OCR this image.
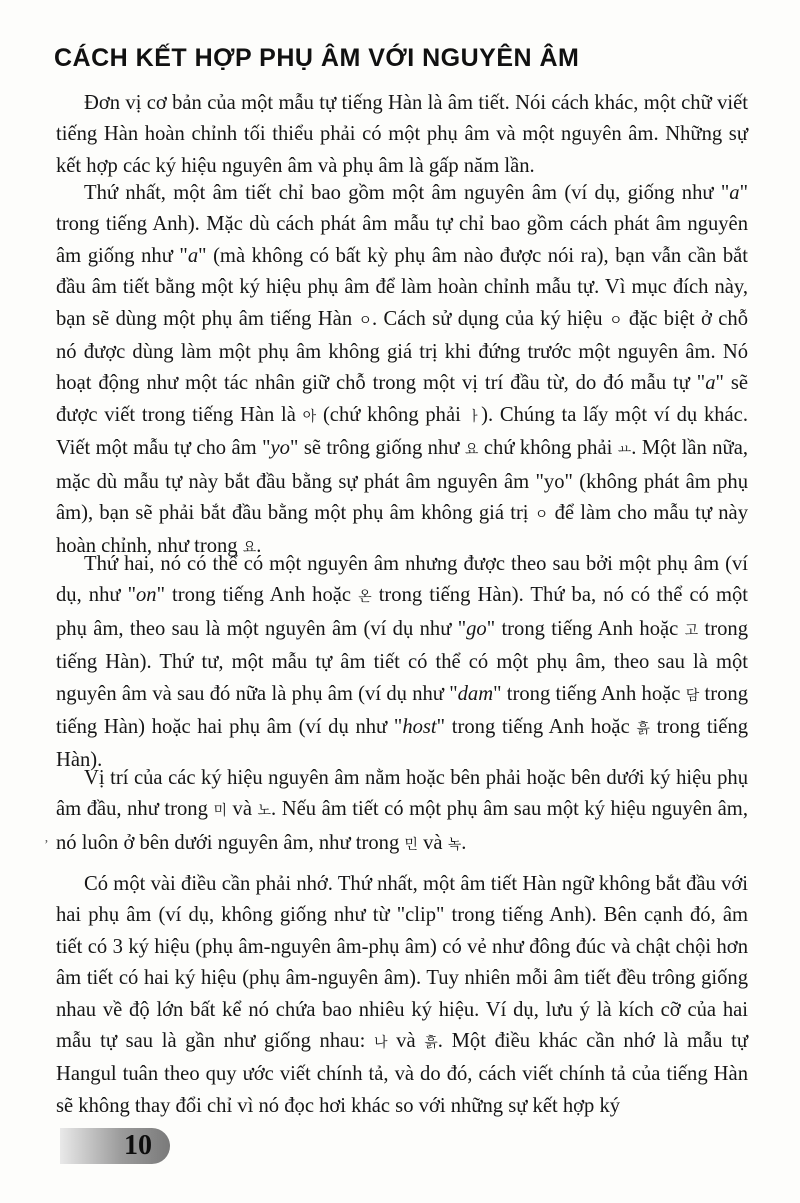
CÁCH KẾT HỢP PHỤ ÂM VỚI NGUYÊN ÂM

Đơn vị cơ bản của một mẫu tự tiếng Hàn là âm tiết. Nói cách khác, một chữ viết tiếng Hàn hoàn chỉnh tối thiểu phải có một phụ âm và một nguyên âm. Những sự kết hợp các ký hiệu nguyên âm và phụ âm là gấp năm lần.

Thứ nhất, một âm tiết chỉ bao gồm một âm nguyên âm (ví dụ, giống như "a" trong tiếng Anh). Mặc dù cách phát âm mẫu tự chỉ bao gồm cách phát âm nguyên âm giống như "a" (mà không có bất kỳ phụ âm nào được nói ra), bạn vẫn cần bắt đầu âm tiết bằng một ký hiệu phụ âm để làm hoàn chỉnh mẫu tự. Vì mục đích này, bạn sẽ dùng một phụ âm tiếng Hàn ㅇ. Cách sử dụng của ký hiệu ㅇ đặc biệt ở chỗ nó được dùng làm một phụ âm không giá trị khi đứng trước một nguyên âm. Nó hoạt động như một tác nhân giữ chỗ trong một vị trí đầu từ, do đó mẫu tự "a" sẽ được viết trong tiếng Hàn là 아 (chứ không phải ㅏ). Chúng ta lấy một ví dụ khác. Viết một mẫu tự cho âm "yo" sẽ trông giống như 요 chứ không phải ㅛ. Một lần nữa, mặc dù mẫu tự này bắt đầu bằng sự phát âm nguyên âm "yo" (không phát âm phụ âm), bạn sẽ phải bắt đầu bằng một phụ âm không giá trị ㅇ để làm cho mẫu tự này hoàn chỉnh, như trong 요.

Thứ hai, nó có thể có một nguyên âm nhưng được theo sau bởi một phụ âm (ví dụ, như "on" trong tiếng Anh hoặc 온 trong tiếng Hàn). Thứ ba, nó có thể có một phụ âm, theo sau là một nguyên âm (ví dụ như "go" trong tiếng Anh hoặc 고 trong tiếng Hàn). Thứ tư, một mẫu tự âm tiết có thể có một phụ âm, theo sau là một nguyên âm và sau đó nữa là phụ âm (ví dụ như "dam" trong tiếng Anh hoặc 담 trong tiếng Hàn) hoặc hai phụ âm (ví dụ như "host" trong tiếng Anh hoặc 흙 trong tiếng Hàn).

Vị trí của các ký hiệu nguyên âm nằm hoặc bên phải hoặc bên dưới ký hiệu phụ âm đầu, như trong 미 và 노. Nếu âm tiết có một phụ âm sau một ký hiệu nguyên âm, nó luôn ở bên dưới nguyên âm, như trong 민 và 녹.

ʼ

Có một vài điều cần phải nhớ. Thứ nhất, một âm tiết Hàn ngữ không bắt đầu với hai phụ âm (ví dụ, không giống như từ "clip" trong tiếng Anh). Bên cạnh đó, âm tiết có 3 ký hiệu (phụ âm-nguyên âm-phụ âm) có vẻ như đông đúc và chật chội hơn âm tiết có hai ký hiệu (phụ âm-nguyên âm). Tuy nhiên mỗi âm tiết đều trông giống nhau về độ lớn bất kể nó chứa bao nhiêu ký hiệu. Ví dụ, lưu ý là kích cỡ của hai mẫu tự sau là gần như giống nhau: 나 và 흙. Một điều khác cần nhớ là mẫu tự Hangul tuân theo quy ước viết chính tả, và do đó, cách viết chính tả của tiếng Hàn sẽ không thay đổi chỉ vì nó đọc hơi khác so với những sự kết hợp ký

10
